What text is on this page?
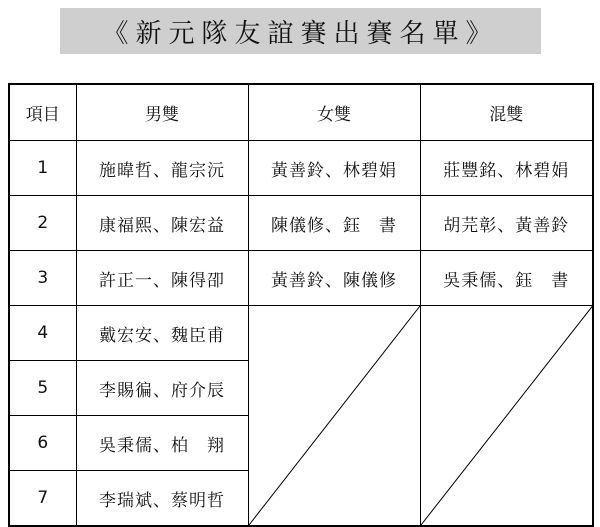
《新元隊友誼賽出賽名單》
項目	男雙	女雙	混雙
1	施暐哲、龍宗沅	黃善鈴、林碧娟	莊豐銘、林碧娟
2	康福熙、陳宏益	陳儀修、鈺　書	胡芫彰、黃善鈴
3	許正一、陳得卲	黃善鈴、陳儀修	吳秉儒、鈺　書
4	戴宏安、魏臣甫	

5	李賜徧、府介辰		
6	吳秉儒、柏　翔		
7	李瑞斌、蔡明哲		
